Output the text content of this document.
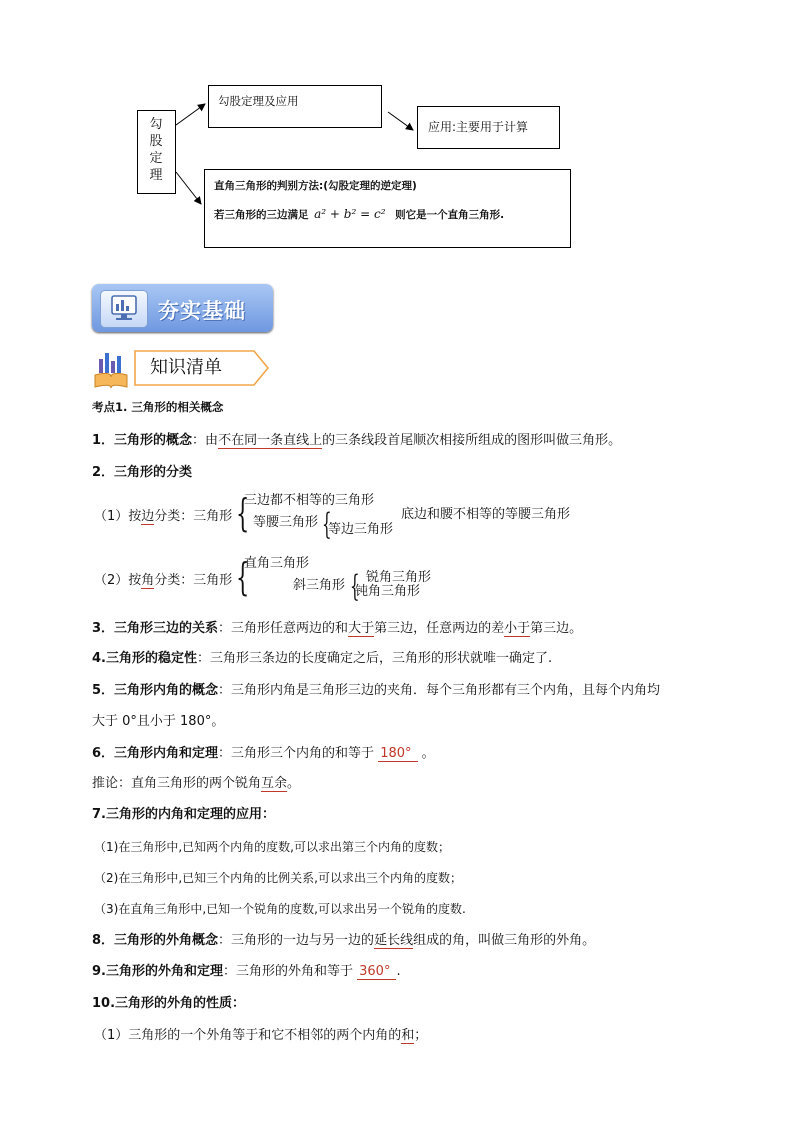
勾股定理
勾股定理及应用
应用:主要用于计算
直角三角形的判别方法:(勾股定理的逆定理)
若三角形的三边满足 a² + b² = c² 则它是一个直角三角形.
夯实基础
知识清单
考点1. 三角形的相关概念
1．三角形的概念：由不在同一条直线上的三条线段首尾顺次相接所组成的图形叫做三角形。
2．三角形的分类
（1）按边分类：三角形 {
三边都不相等的三角形
等腰三角形 {	底边和腰不相等的等腰三角形
等边三角形
（2）按角分类：三角形 {
直角三角形
斜三角形 { 锐角三角形
钝角三角形
3．三角形三边的关系：三角形任意两边的和大于第三边，任意两边的差小于第三边。
4.三角形的稳定性：三角形三条边的长度确定之后，三角形的形状就唯一确定了.
5．三角形内角的概念：三角形内角是三角形三边的夹角．每个三角形都有三个内角，且每个内角均
大于 0°且小于 180°。
6．三角形内角和定理：三角形三个内角的和等于 180° 。
推论：直角三角形的两个锐角互余。
7.三角形的内角和定理的应用：
（1)在三角形中,已知两个内角的度数,可以求出第三个内角的度数；
（2)在三角形中,已知三个内角的比例关系,可以求出三个内角的度数；
（3)在直角三角形中,已知一个锐角的度数,可以求出另一个锐角的度数.
8．三角形的外角概念：三角形的一边与另一边的延长线组成的角，叫做三角形的外角。
9.三角形的外角和定理：三角形的外角和等于 360° .
10.三角形的外角的性质：
（1）三角形的一个外角等于和它不相邻的两个内角的和；
